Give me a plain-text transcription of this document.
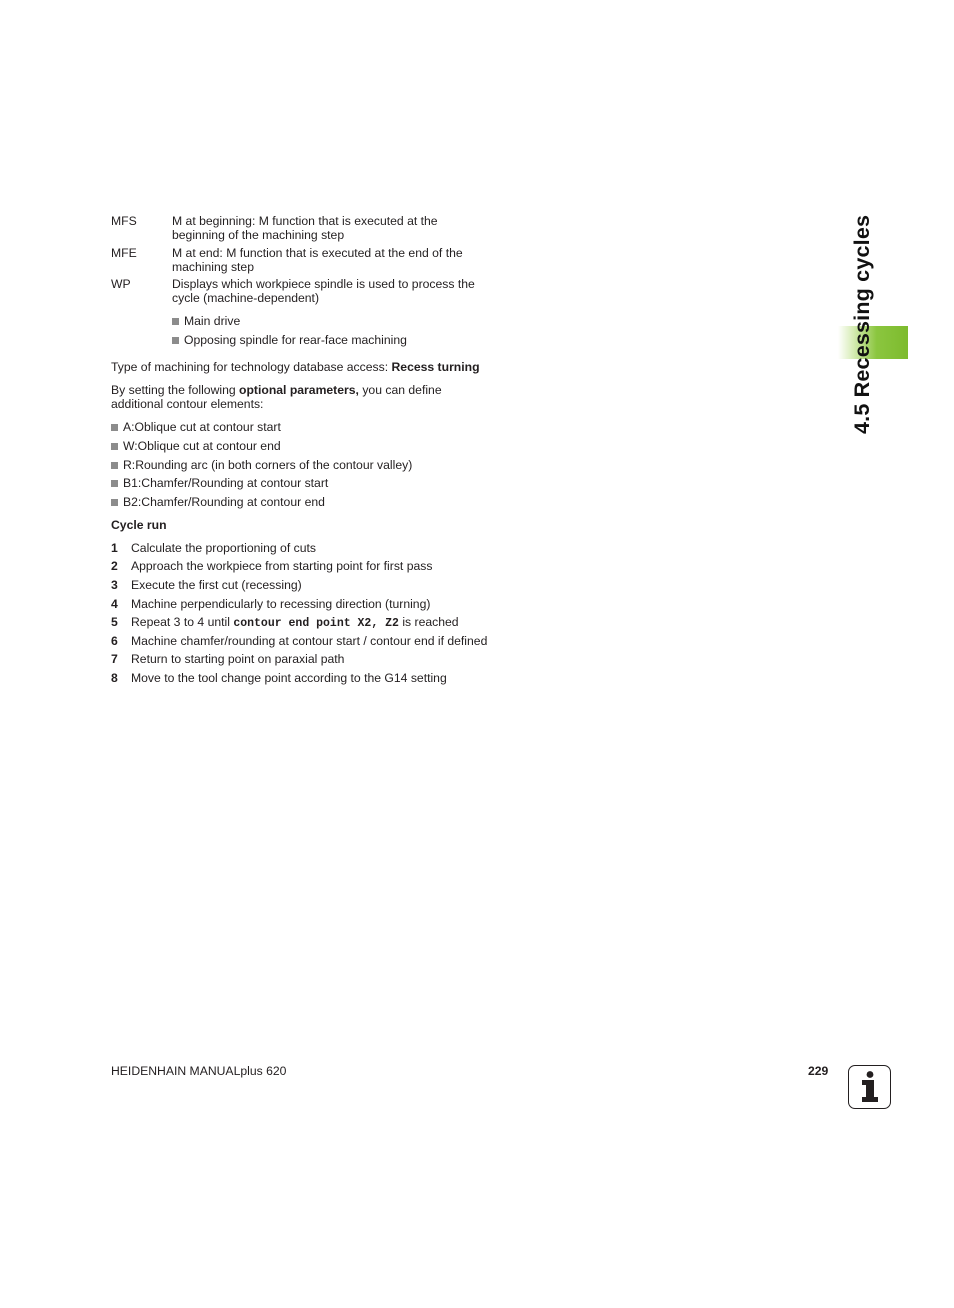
MFS	M at beginning: M function that is executed at the
beginning of the machining step
MFE	M at end: M function that is executed at the end of the
machining step
WP	Displays which workpiece spindle is used to process the
cycle (machine-dependent)
Main drive
Opposing spindle for rear-face machining
Type of machining for technology database access: Recess turning
By setting the following optional parameters, you can define
additional contour elements:
A:Oblique cut at contour start
W:Oblique cut at contour end
R:Rounding arc (in both corners of the contour valley)
B1:Chamfer/Rounding at contour start
B2:Chamfer/Rounding at contour end
Cycle run
1	Calculate the proportioning of cuts
2	Approach the workpiece from starting point for first pass
3	Execute the first cut (recessing)
4	Machine perpendicularly to recessing direction (turning)
5	Repeat 3 to 4 until contour end point X2, Z2 is reached
6	Machine chamfer/rounding at contour start / contour end if defined
7	Return to starting point on paraxial path
8	Move to the tool change point according to the G14 setting
4.5 Recessing cycles
HEIDENHAIN MANUALplus 620	229
